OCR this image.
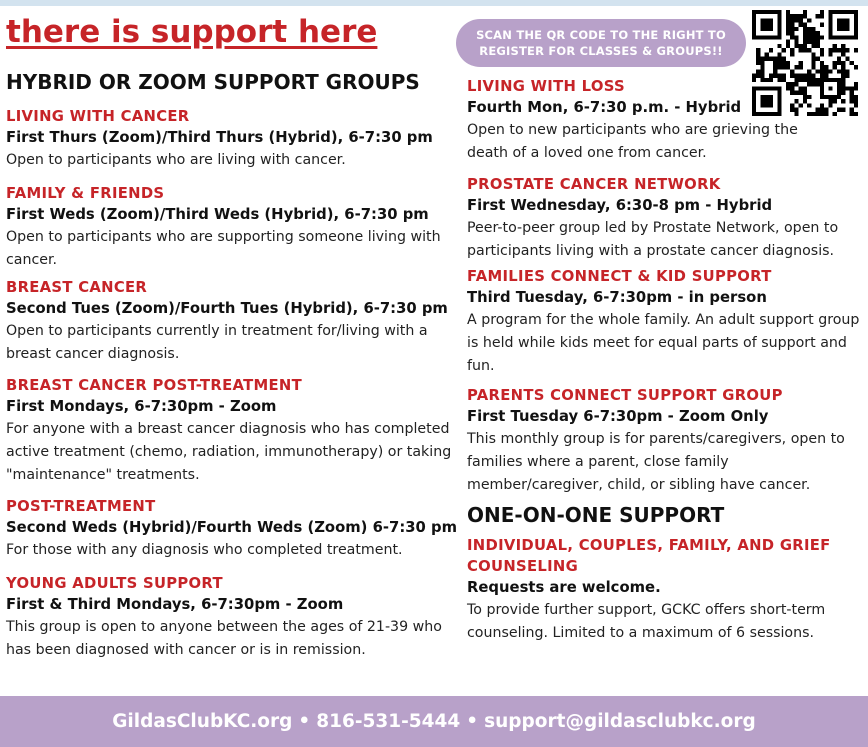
there is support here	SCAN THE QR CODE TO THE RIGHT TO REGISTER FOR CLASSES & GROUPS!!
HYBRID OR ZOOM SUPPORT GROUPS
LIVING WITH CANCER
First Thurs (Zoom)/Third Thurs (Hybrid), 6-7:30 pm
Open to participants who are living with cancer.
FAMILY & FRIENDS
First Weds (Zoom)/Third Weds (Hybrid), 6-7:30 pm
Open to participants who are supporting someone living with cancer.
BREAST CANCER
Second Tues (Zoom)/Fourth Tues (Hybrid), 6-7:30 pm
Open to participants currently in treatment for/living with a breast cancer diagnosis.
BREAST CANCER POST-TREATMENT
First Mondays, 6-7:30pm - Zoom
For anyone with a breast cancer diagnosis who has completed active treatment (chemo, radiation, immunotherapy) or taking "maintenance" treatments.
POST-TREATMENT
Second Weds (Hybrid)/Fourth Weds (Zoom) 6-7:30 pm
For those with any diagnosis who completed treatment.
YOUNG ADULTS SUPPORT
First & Third Mondays, 6-7:30pm - Zoom
This group is open to anyone between the ages of 21-39 who has been diagnosed with cancer or is in remission.
LIVING WITH LOSS
Fourth Mon, 6-7:30 p.m. - Hybrid
Open to new participants who are grieving the death of a loved one from cancer.
PROSTATE CANCER NETWORK
First Wednesday, 6:30-8 pm - Hybrid
Peer-to-peer group led by Prostate Network, open to participants living with a prostate cancer diagnosis.
FAMILIES CONNECT & KID SUPPORT
Third Tuesday, 6-7:30pm - in person
A program for the whole family. An adult support group is held while kids meet for equal parts of support and fun.
PARENTS CONNECT SUPPORT GROUP
First Tuesday 6-7:30pm - Zoom Only
This monthly group is for parents/caregivers, open to families where a parent, close family member/caregiver, child, or sibling have cancer.
ONE-ON-ONE SUPPORT
INDIVIDUAL, COUPLES, FAMILY, AND GRIEF COUNSELING
Requests are welcome.
To provide further support, GCKC offers short-term counseling. Limited to a maximum of 6 sessions.
GildasClubKC.org • 816-531-5444 • support@gildasclubkc.org
